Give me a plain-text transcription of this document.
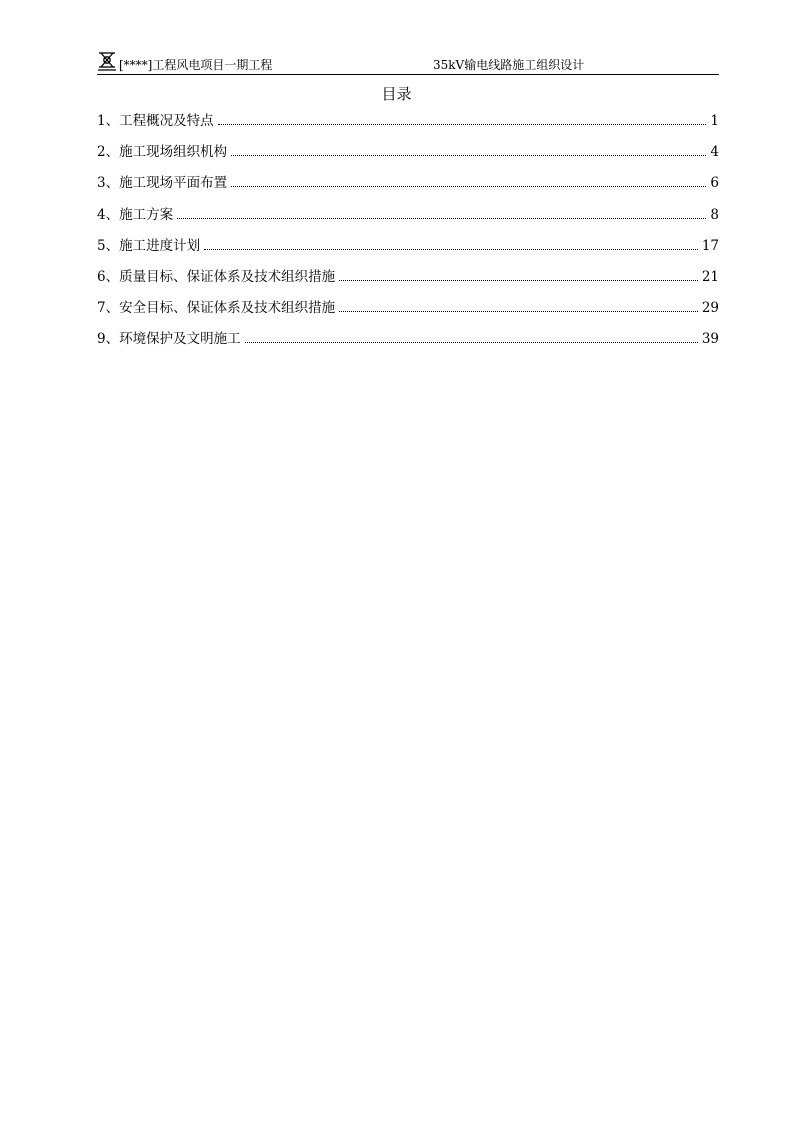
[****]工程风电项目一期工程	35kV输电线路施工组织设计
目录
1、工程概况及特点	1
2、施工现场组织机构	4
3、施工现场平面布置	6
4、施工方案	8
5、施工进度计划	17
6、质量目标、保证体系及技术组织措施	21
7、安全目标、保证体系及技术组织措施	29
9、环境保护及文明施工	39
